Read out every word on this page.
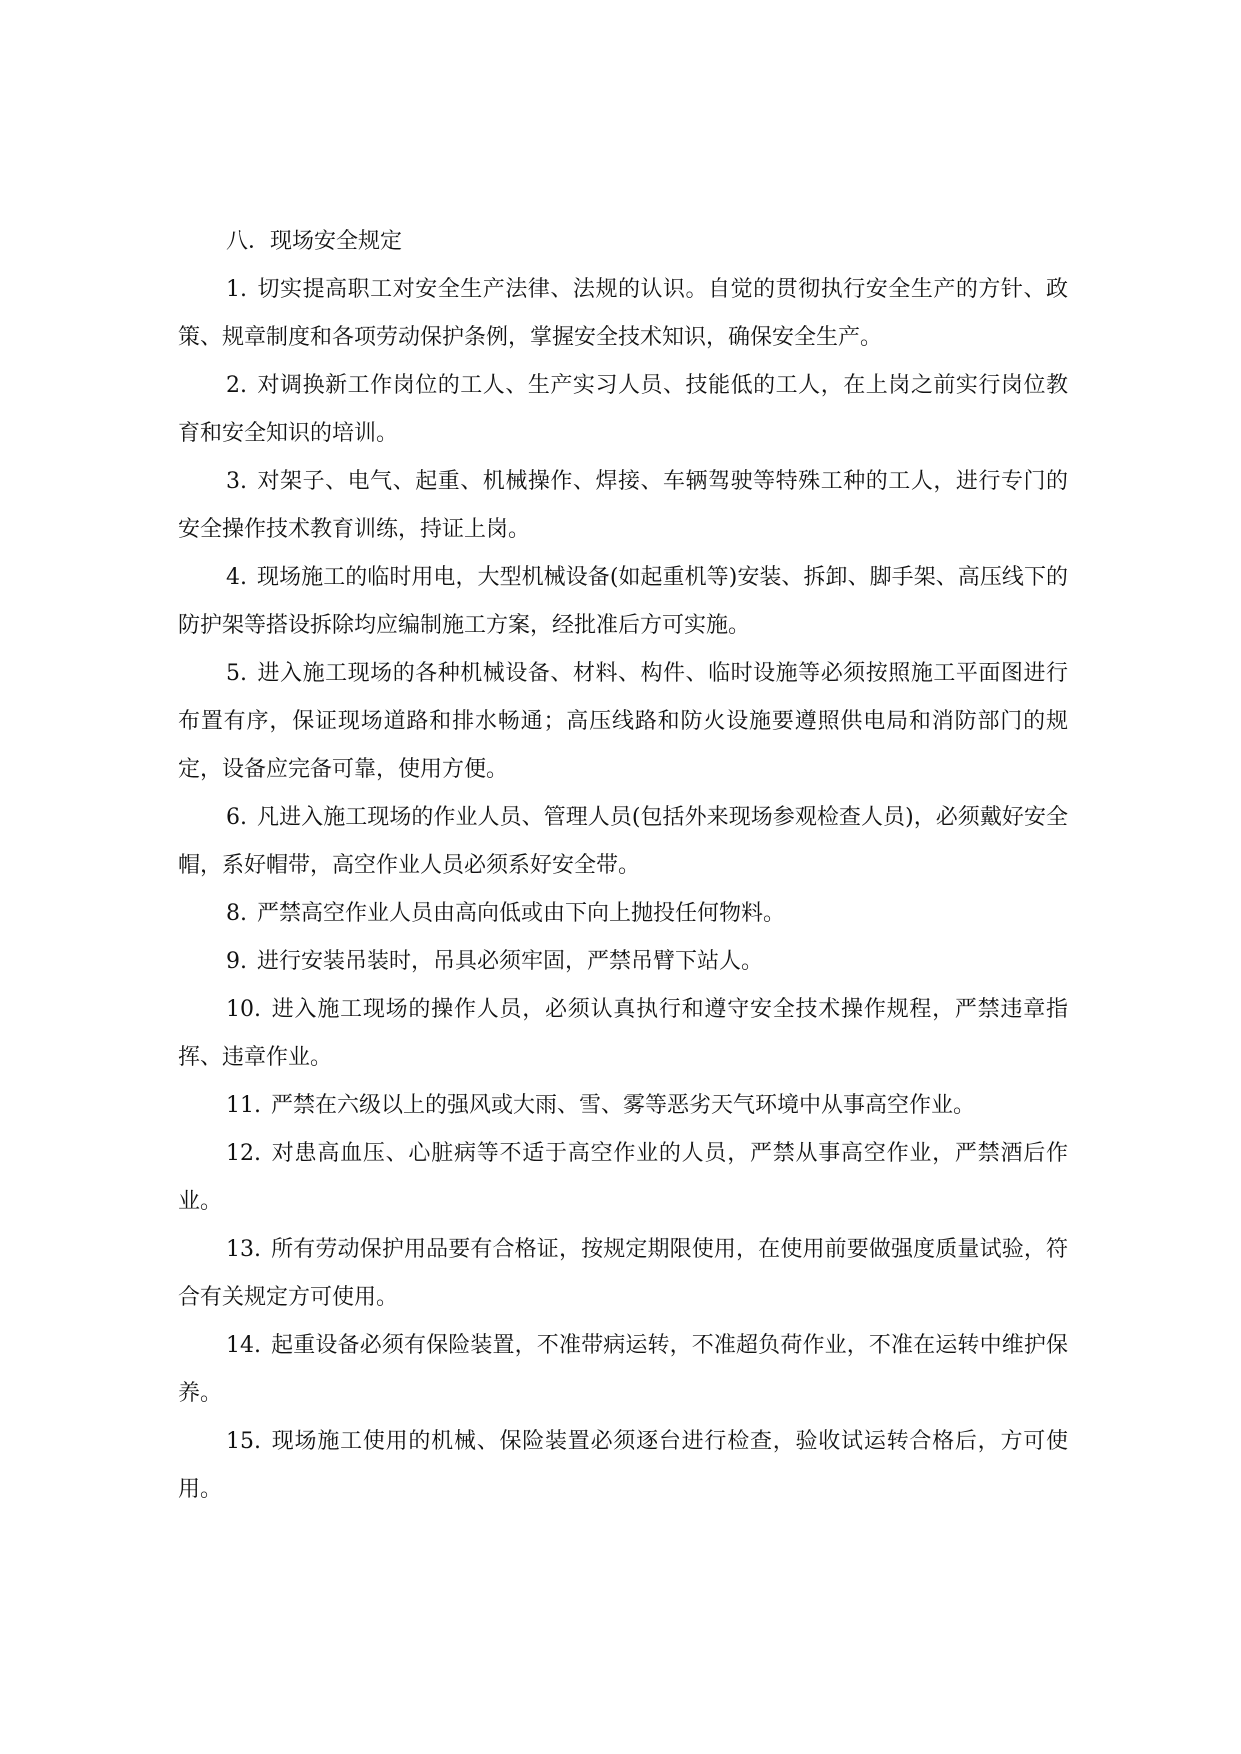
八．现场安全规定

1. 切实提高职工对安全生产法律、法规的认识。自觉的贯彻执行安全生产的方针、政策、规章制度和各项劳动保护条例，掌握安全技术知识，确保安全生产。

2. 对调换新工作岗位的工人、生产实习人员、技能低的工人，在上岗之前实行岗位教育和安全知识的培训。

3. 对架子、电气、起重、机械操作、焊接、车辆驾驶等特殊工种的工人，进行专门的安全操作技术教育训练，持证上岗。

4. 现场施工的临时用电，大型机械设备(如起重机等)安装、拆卸、脚手架、高压线下的防护架等搭设拆除均应编制施工方案，经批准后方可实施。

5. 进入施工现场的各种机械设备、材料、构件、临时设施等必须按照施工平面图进行布置有序，保证现场道路和排水畅通；高压线路和防火设施要遵照供电局和消防部门的规定，设备应完备可靠，使用方便。

6. 凡进入施工现场的作业人员、管理人员(包括外来现场参观检查人员)，必须戴好安全帽，系好帽带，高空作业人员必须系好安全带。

8. 严禁高空作业人员由高向低或由下向上抛投任何物料。

9. 进行安装吊装时，吊具必须牢固，严禁吊臂下站人。

10. 进入施工现场的操作人员，必须认真执行和遵守安全技术操作规程，严禁违章指挥、违章作业。

11. 严禁在六级以上的强风或大雨、雪、雾等恶劣天气环境中从事高空作业。

12. 对患高血压、心脏病等不适于高空作业的人员，严禁从事高空作业，严禁酒后作业。

13. 所有劳动保护用品要有合格证，按规定期限使用，在使用前要做强度质量试验，符合有关规定方可使用。

14. 起重设备必须有保险装置，不准带病运转，不准超负荷作业，不准在运转中维护保养。

15. 现场施工使用的机械、保险装置必须逐台进行检查，验收试运转合格后，方可使用。
